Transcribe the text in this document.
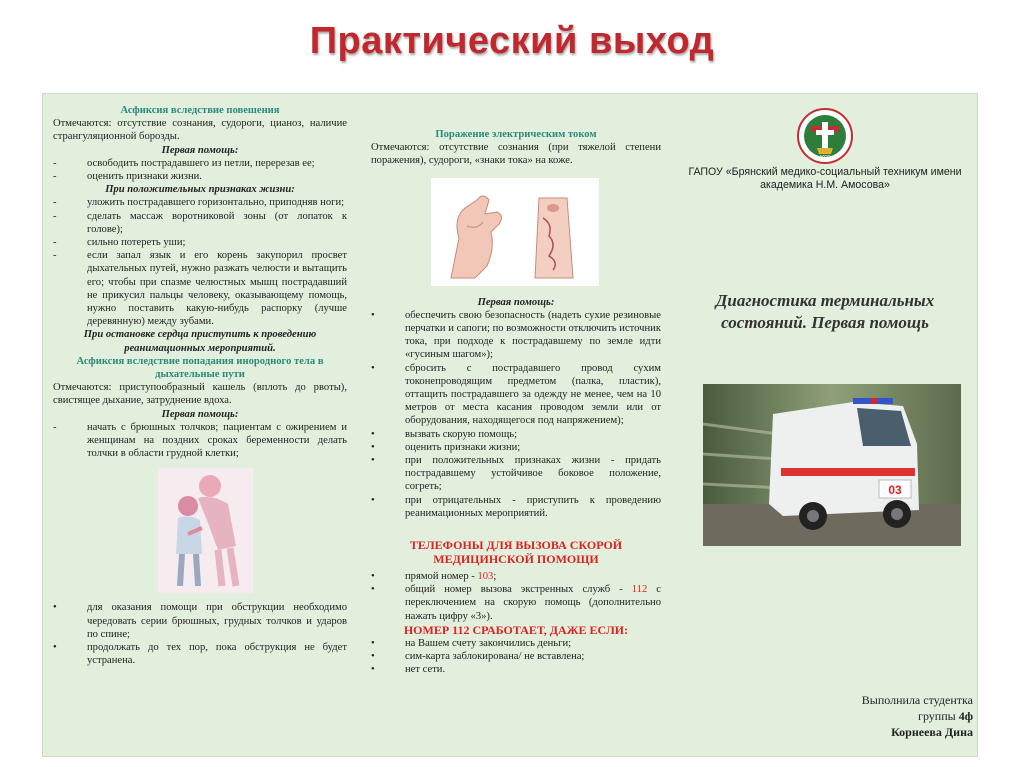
Практический выход
Асфиксия вследствие повешения
Отмечаются: отсутствие сознания, судороги, цианоз, наличие странгуляционной борозды.
Первая помощь:
-	освободить пострадавшего из петли, перерезав ее;
-	оценить признаки жизни.
При положительных признаках жизни:
-	уложить пострадавшего горизонтально, приподняв ноги;
-	сделать массаж воротниковой зоны (от лопаток к голове);
-	сильно потереть уши;
-	если запал язык и его корень закупорил просвет дыхательных путей, нужно разжать челюсти и вытащить его; чтобы при спазме челюстных мышц пострадавший не прикусил пальцы человеку, оказывающему помощь, нужно поставить какую-нибудь распорку (лучше деревянную) между зубами.
При остановке сердца приступить к проведению реанимационных мероприятий.
Асфиксия вследствие попадания инородного тела в дыхательные пути
Отмечаются: приступообразный кашель (вплоть до рвоты), свистящее дыхание, затруднение вдоха.
Первая помощь:
-	начать с брюшных толчков; пациентам с ожирением и женщинам на поздних сроках беременности делать толчки в области грудной клетки;
•	для оказания помощи при обструкции необходимо чередовать серии брюшных, грудных толчков и ударов по спине;
•	продолжать до тех пор, пока обструкция не будет устранена.
Поражение электрическим током
Отмечаются: отсутствие сознания (при тяжелой степени поражения), судороги, «знаки тока» на коже.
Первая помощь:
•	обеспечить свою безопасность (надеть сухие резиновые перчатки и сапоги; по возможности отключить источник тока, при подходе к пострадавшему по земле идти «гусиным шагом»);
•	сбросить с пострадавшего провод сухим токонепроводящим предметом (палка, пластик), оттащить пострадавшего за одежду не менее, чем на 10 метров от места касания проводом земли или от оборудования, находящегося под напряжением);
•	вызвать скорую помощь;
•	оценить признаки жизни;
•	при положительных признаках жизни - придать пострадавшему устойчивое боковое положение, согреть;
•	при отрицательных - приступить к проведению реанимационных мероприятий.
ТЕЛЕФОНЫ ДЛЯ ВЫЗОВА СКОРОЙ МЕДИЦИНСКОЙ ПОМОЩИ
•	прямой номер - 103;
•	общий номер вызова экстренных служб - 112 с переключением на скорую помощь (дополнительно нажать цифру «3»).
НОМЕР 112 СРАБОТАЕТ, ДАЖЕ ЕСЛИ:
•	на Вашем счету закончились деньги;
•	сим-карта заблокирована/ не вставлена;
•	нет сети.
1923
ГАПОУ «Брянский медико-социальный техникум имени академика Н.М. Амосова»
Диагностика терминальных состояний. Первая помощь
03
Выполнила студентка
группы 4ф
Корнеева Дина
